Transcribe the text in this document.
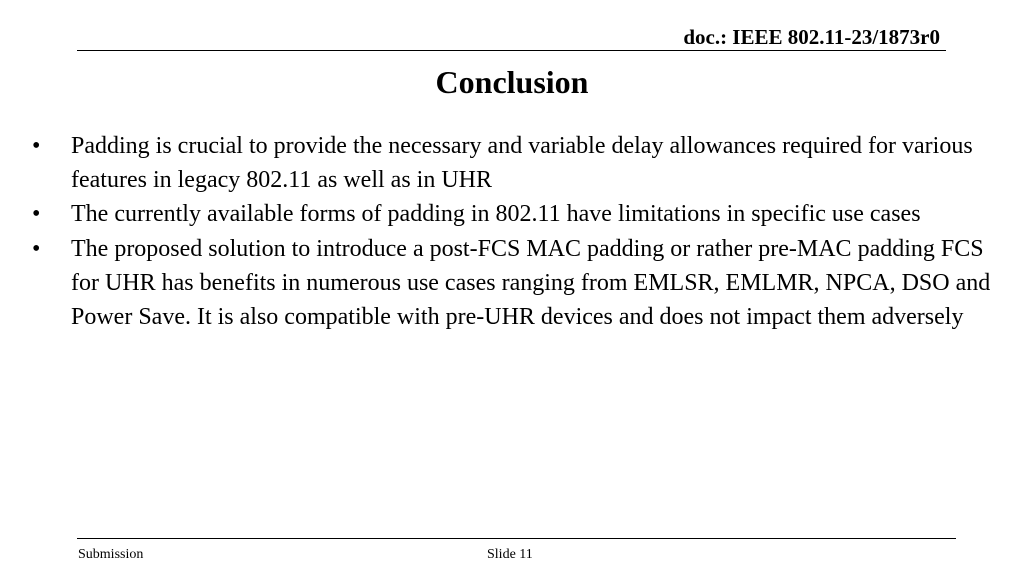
doc.: IEEE 802.11-23/1873r0
Conclusion
•	Padding is crucial to provide the necessary and variable delay allowances required for various features in legacy 802.11 as well as in UHR
•	The currently available forms of padding in 802.11 have limitations in specific use cases
•	The proposed solution to introduce a post-FCS MAC padding or rather pre-MAC padding FCS for UHR has benefits in numerous use cases ranging from EMLSR, EMLMR, NPCA, DSO and Power Save. It is also compatible with pre-UHR devices and does not impact them adversely
Submission	Slide 11
